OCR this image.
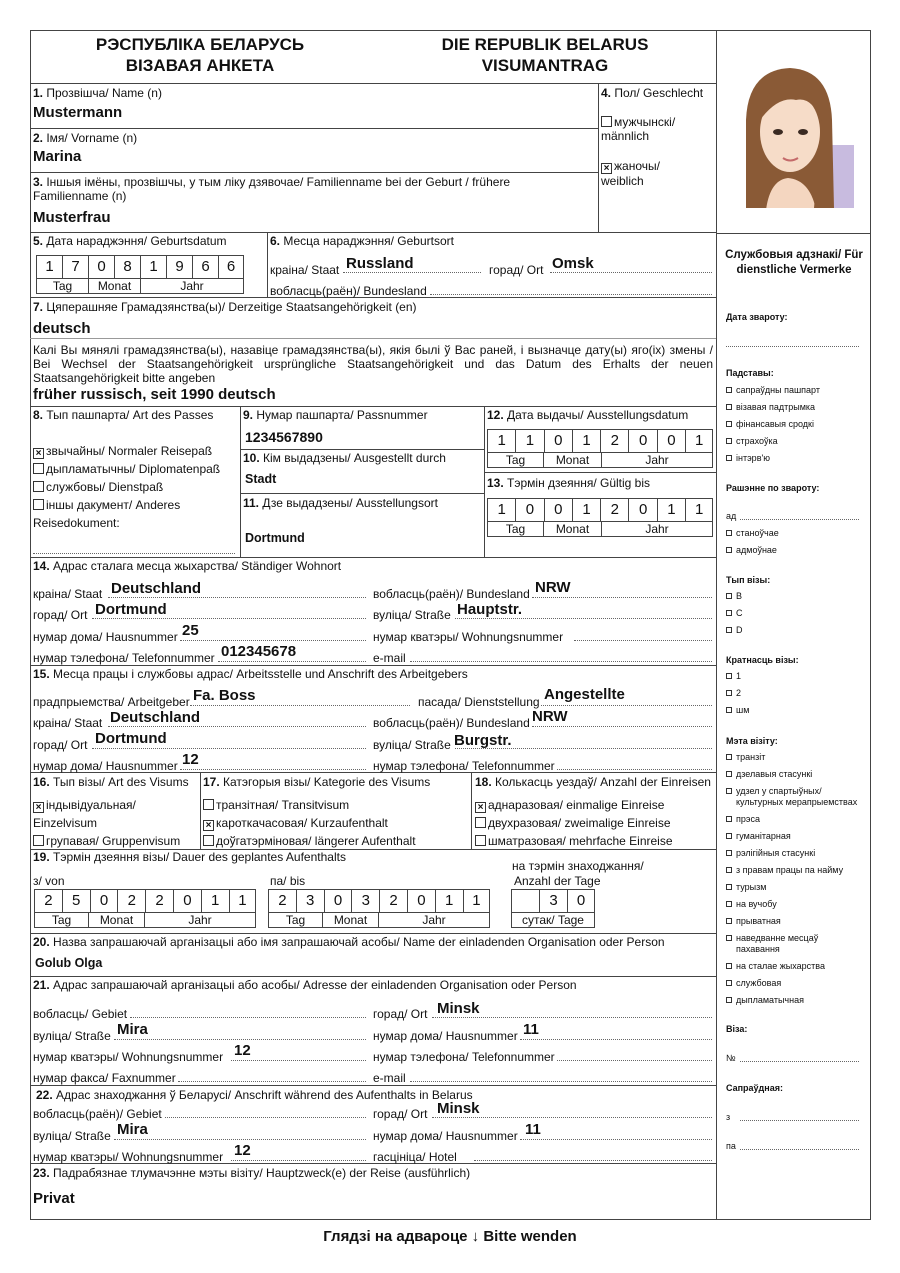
РЭСПУБЛІКА БЕЛАРУСЬ
ВІЗАВАЯ АНКЕТА
DIE REPUBLIK BELARUS
VISUMANTRAG
1. Прозвішча/ Name (n)
Mustermann
2. Імя/ Vorname (n)
Marina
3. Іншыя імёны, прозвішчы, у тым ліку дзявочае/ Familienname bei der Geburt / frühere Familienname (n)
Musterfrau
4. Пол/ Geschlecht
мужчынскі/ männlich
× жаночы/ weiblich
5. Дата нараджэння/ Geburtsdatum
1	7	0	8	1	9	6	6
Tag	Monat	Jahr
6. Месца нараджэння/ Geburtsort
краіна/ Staat Russland	горад/ Ort Omsk
вобласць(раён)/ Bundesland
7. Цяперашняе Грамадзянства(ы)/ Derzeitige Staatsangehörigkeit (en)
deutsch
Калі Вы мянялі грамадзянства(ы), назавіце грамадзянства(ы), якія былі ў Вас раней, і вызначце дату(ы) яго(іх) змены / Bei Wechsel der Staatsangehörigkeit ursprüngliche Staatsangehörigkeit und das Datum des Erhalts der neuen Staatsangehörigkeit bitte angeben
früher russisch, seit 1990 deutsch
8. Тып пашпарта/ Art des Passes
× звычайны/ Normaler Reisepaß
дыпламатычны/ Diplomatenpaß
службовы/ Dienstpaß
іншы дакумент/ Anderes
Reisedokument:
9. Нумар пашпарта/ Passnummer
1234567890
10. Кім выдадзены/ Ausgestellt durch
Stadt
11. Дзе выдадзены/ Ausstellungsort
Dortmund
12. Дата выдачы/ Ausstellungsdatum
1	1	0	1	2	0	0	1
Tag	Monat	Jahr
13. Тэрмін дзеяння/ Gültig bis
1	0	0	1	2	0	1	1
Tag	Monat	Jahr
14. Адрас сталага месца жыхарства/ Ständiger Wohnort
краіна/ Staat Deutschland	вобласць(раён)/ Bundesland NRW
горад/ Ort Dortmund	вуліца/ Straße Hauptstr.
нумар дома/ Hausnummer 25	нумар кватэры/ Wohnungsnummer
нумар тэлефона/ Telefonnummer 012345678	e-mail
15. Месца працы і службовы адрас/ Arbeitsstelle und Anschrift des Arbeitgebers
прадпрыемства/ Arbeitgeber Fa. Boss	пасада/ Dienststellung Angestellte
краіна/ Staat Deutschland	вобласць(раён)/ Bundesland NRW
горад/ Ort Dortmund	вуліца/ Straße Burgstr.
нумар дома/ Hausnummer 12	нумар тэлефона/ Telefonnummer
16. Тып візы/ Art des Visums
× індывідуальная/
Einzelvisum
групавая/ Gruppenvisum
17. Катэгорыя візы/ Kategorie des Visums
транзітная/ Transitvisum
× кароткачасовая/ Kurzaufenthalt
доўгатэрміновая/ längerer Aufenthalt
18. Колькасць уездаў/ Anzahl der Einreisen
× аднаразовая/ einmalige Einreise
двухразовая/ zweimalige Einreise
шматразовая/ mehrfache Einreise
19. Тэрмін дзеяння візы/ Dauer des geplantes Aufenthalts
з/ von	па/ bis
на тэрмін знаходжання/
Anzahl der Tage
2	5	0	2	2	0	1	1
Tag	Monat	Jahr
2	3	0	3	2	0	1	1
Tag	Monat	Jahr
3	0
сутак/ Tage
20. Назва запрашаючай арганізацыі або імя запрашаючай асобы/ Name der einladenden Organisation oder Person
Golub Olga
21. Адрас запрашаючай арганізацыі або асобы/ Adresse der einladenden Organisation oder Person
вобласць/ Gebiet	горад/ Ort Minsk
вуліца/ Straße Mira	нумар дома/ Hausnummer 11
нумар кватэры/ Wohnungsnummer 12	нумар тэлефона/ Telefonnummer
нумар факса/ Faxnummer	e-mail
22. Адрас знаходжання ў Беларусі/ Anschrift während des Aufenthalts in Belarus
вобласць(раён)/ Gebiet	горад/ Ort Minsk
вуліца/ Straße Mira	нумар дома/ Hausnummer 11
нумар кватэры/ Wohnungsnummer 12	гасцініца/ Hotel
23. Падрабязнае тлумачэнне мэты візіту/ Hauptzweck(e) der Reise (ausführlich)
Privat
Службовыя адзнакі/ Für dienstliche Vermerke
Дата звароту:
Падставы:
сапраўдны пашпарт
візавая падтрымка
фінансавыя сродкі
страхоўка
інтэрв'ю
Рашэнне по звароту:
ад
станоўчае
адмоўнае
Тып візы:
В
С
D
Кратнасць візы:
1
2
шм
Мэта візіту:
транзіт
дзелавыя стасункі
удзел у спартыўных/ культурных мерапрыемствах
прэса
гуманітарная
рэлігійныя стасункі
з правам працы па найму
турызм
на вучобу
прыватная
наведванне месцаў пахавання
на сталае жыхарства
службовая
дыпламатычная
Віза:
№
Сапраўдная:
з
па
Глядзі на адвароце ↓ Bitte wenden
